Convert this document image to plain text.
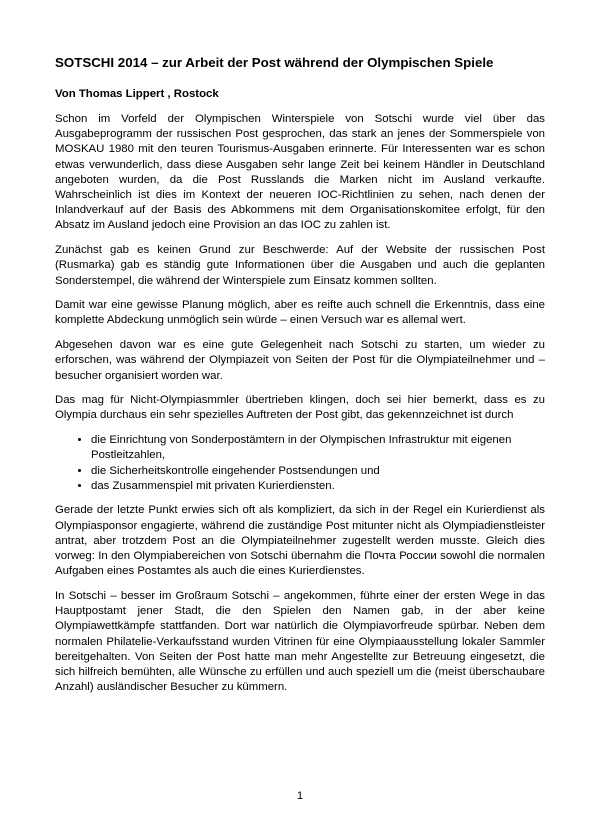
SOTSCHI 2014 – zur Arbeit der Post während der Olympischen Spiele

Von Thomas Lippert , Rostock

Schon im Vorfeld der Olympischen Winterspiele von Sotschi wurde viel über das Ausgabeprogramm der russischen Post gesprochen, das stark an jenes der Sommerspiele von MOSKAU 1980 mit den teuren Tourismus-Ausgaben erinnerte. Für Interessenten war es schon etwas verwunderlich, dass diese Ausgaben sehr lange Zeit bei keinem Händler in Deutschland angeboten wurden, da die Post Russlands die Marken nicht im Ausland verkaufte. Wahrscheinlich ist dies im Kontext der neueren IOC-Richtlinien zu sehen, nach denen der Inlandverkauf auf der Basis des Abkommens mit dem Organisationskomitee erfolgt, für den Absatz im Ausland jedoch eine Provision an das IOC zu zahlen ist.

Zunächst gab es keinen Grund zur Beschwerde: Auf der Website der russischen Post (Rusmarka) gab es ständig gute Informationen über die Ausgaben und auch die geplanten Sonderstempel, die während der Winterspiele zum Einsatz kommen sollten.

Damit war eine gewisse Planung möglich, aber es reifte auch schnell die Erkenntnis, dass eine komplette Abdeckung unmöglich sein würde – einen Versuch war es allemal wert.

Abgesehen davon war es eine gute Gelegenheit nach Sotschi zu starten, um wieder zu erforschen, was während der Olympiazeit von Seiten der Post für die Olympiateilnehmer und –besucher organisiert worden war.

Das mag für Nicht-Olympiasmmler übertrieben klingen, doch sei hier bemerkt, dass es zu Olympia durchaus ein sehr spezielles Auftreten der Post gibt, das gekennzeichnet ist durch

• die Einrichtung von Sonderpostämtern in der Olympischen Infrastruktur mit eigenen Postleitzahlen,
• die Sicherheitskontrolle eingehender Postsendungen und
• das Zusammenspiel mit privaten Kurierdiensten.

Gerade der letzte Punkt erwies sich oft als kompliziert, da sich in der Regel ein Kurierdienst als Olympiasponsor engagierte, während die zuständige Post mitunter nicht als Olympiadienstleister antrat, aber trotzdem Post an die Olympiateilnehmer zugestellt werden musste. Gleich dies vorweg: In den Olympiabereichen von Sotschi übernahm die Почта России sowohl die normalen Aufgaben eines Postamtes als auch die eines Kurierdienstes.

In Sotschi – besser im Großraum Sotschi – angekommen, führte einer der ersten Wege in das Hauptpostamt jener Stadt, die den Spielen den Namen gab, in der aber keine Olympiawettkämpfe stattfanden. Dort war natürlich die Olympiavorfreude spürbar. Neben dem normalen Philatelie-Verkaufsstand wurden Vitrinen für eine Olympiaausstellung lokaler Sammler bereitgehalten. Von Seiten der Post hatte man mehr Angestellte zur Betreuung eingesetzt, die sich hilfreich bemühten, alle Wünsche zu erfüllen und auch speziell um die (meist überschaubare Anzahl) ausländischer Besucher zu kümmern.

1
